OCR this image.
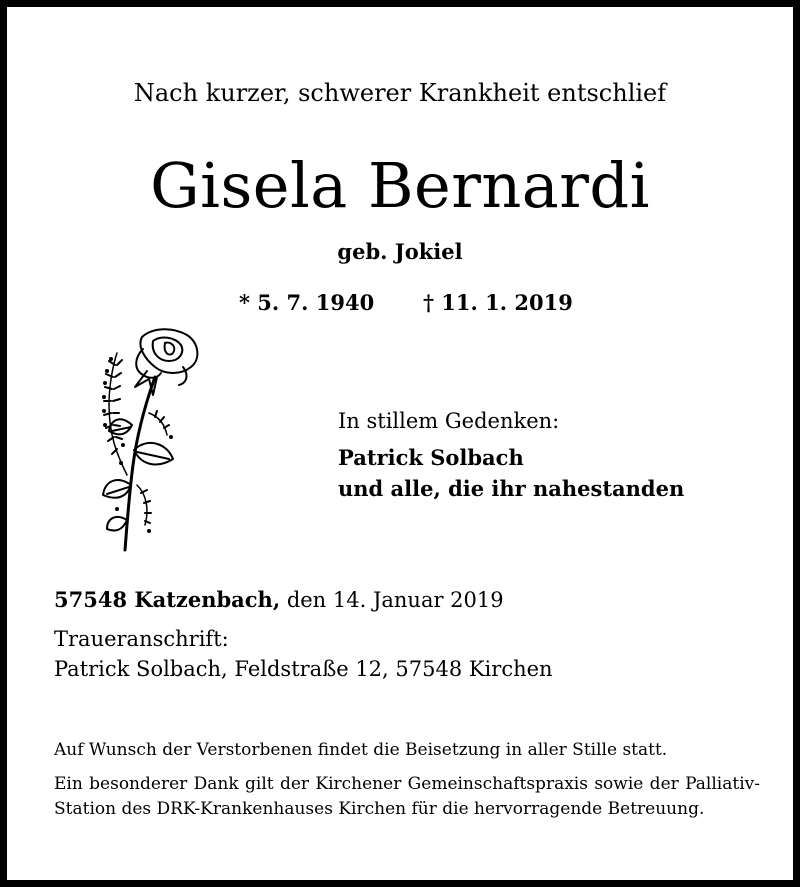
Nach kurzer, schwerer Krankheit entschlief
Gisela Bernardi
geb. Jokiel
* 5. 7. 1940 † 11. 1. 2019
In stillem Gedenken:
Patrick Solbach
und alle, die ihr nahestanden
57548 Katzenbach, den 14. Januar 2019
Traueranschrift:
Patrick Solbach, Feldstraße 12, 57548 Kirchen
Auf Wunsch der Verstorbenen findet die Beisetzung in aller Stille statt.
Ein besonderer Dank gilt der Kirchener Gemeinschaftspraxis sowie der Palliativ-Station des DRK-Krankenhauses Kirchen für die hervorragende Betreuung.
